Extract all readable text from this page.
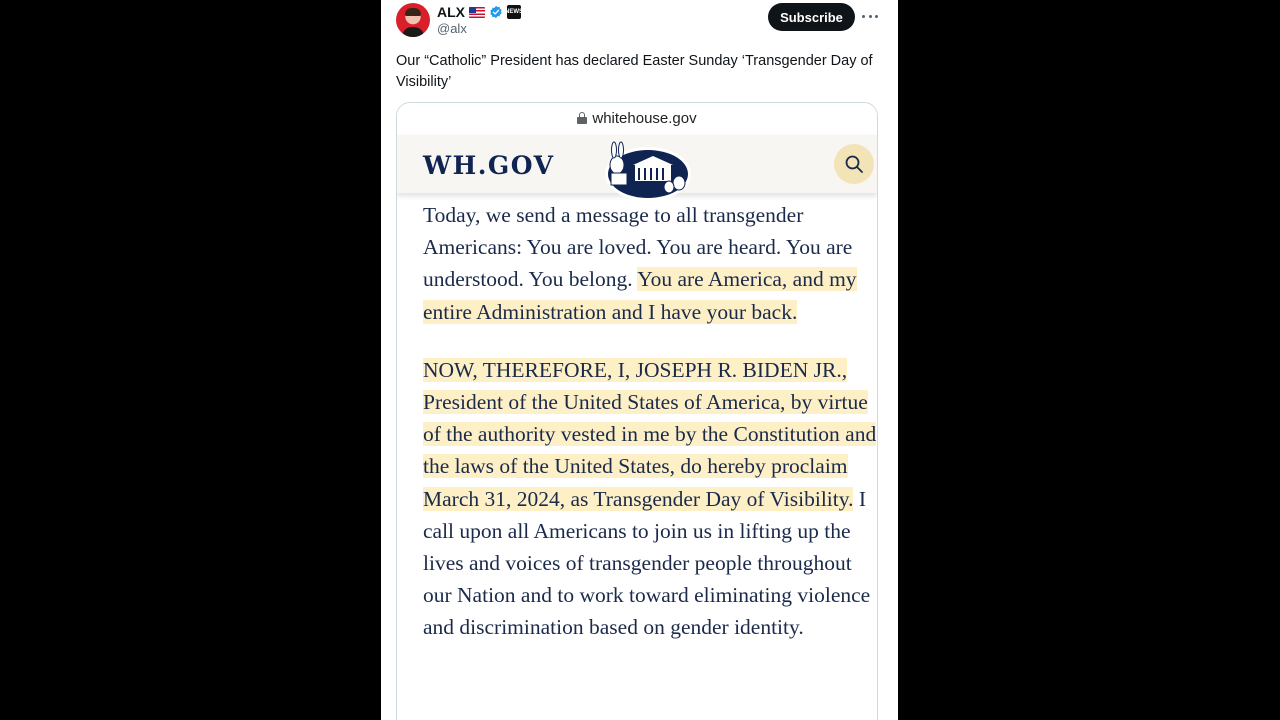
ALX	NEWS
@alx
Subscribe
Our “Catholic” President has declared Easter Sunday ‘Transgender Day of Visibility’
whitehouse.gov
WH.GOV

Today, we send a message to all transgender Americans: You are loved. You are heard. You are understood. You belong. You are America, and my entire Administration and I have your back.

NOW, THEREFORE, I, JOSEPH R. BIDEN JR., President of the United States of America, by virtue of the authority vested in me by the Constitution and the laws of the United States, do hereby proclaim March 31, 2024, as Transgender Day of Visibility. I call upon all Americans to join us in lifting up the lives and voices of transgender people throughout our Nation and to work toward eliminating violence and discrimination based on gender identity.
